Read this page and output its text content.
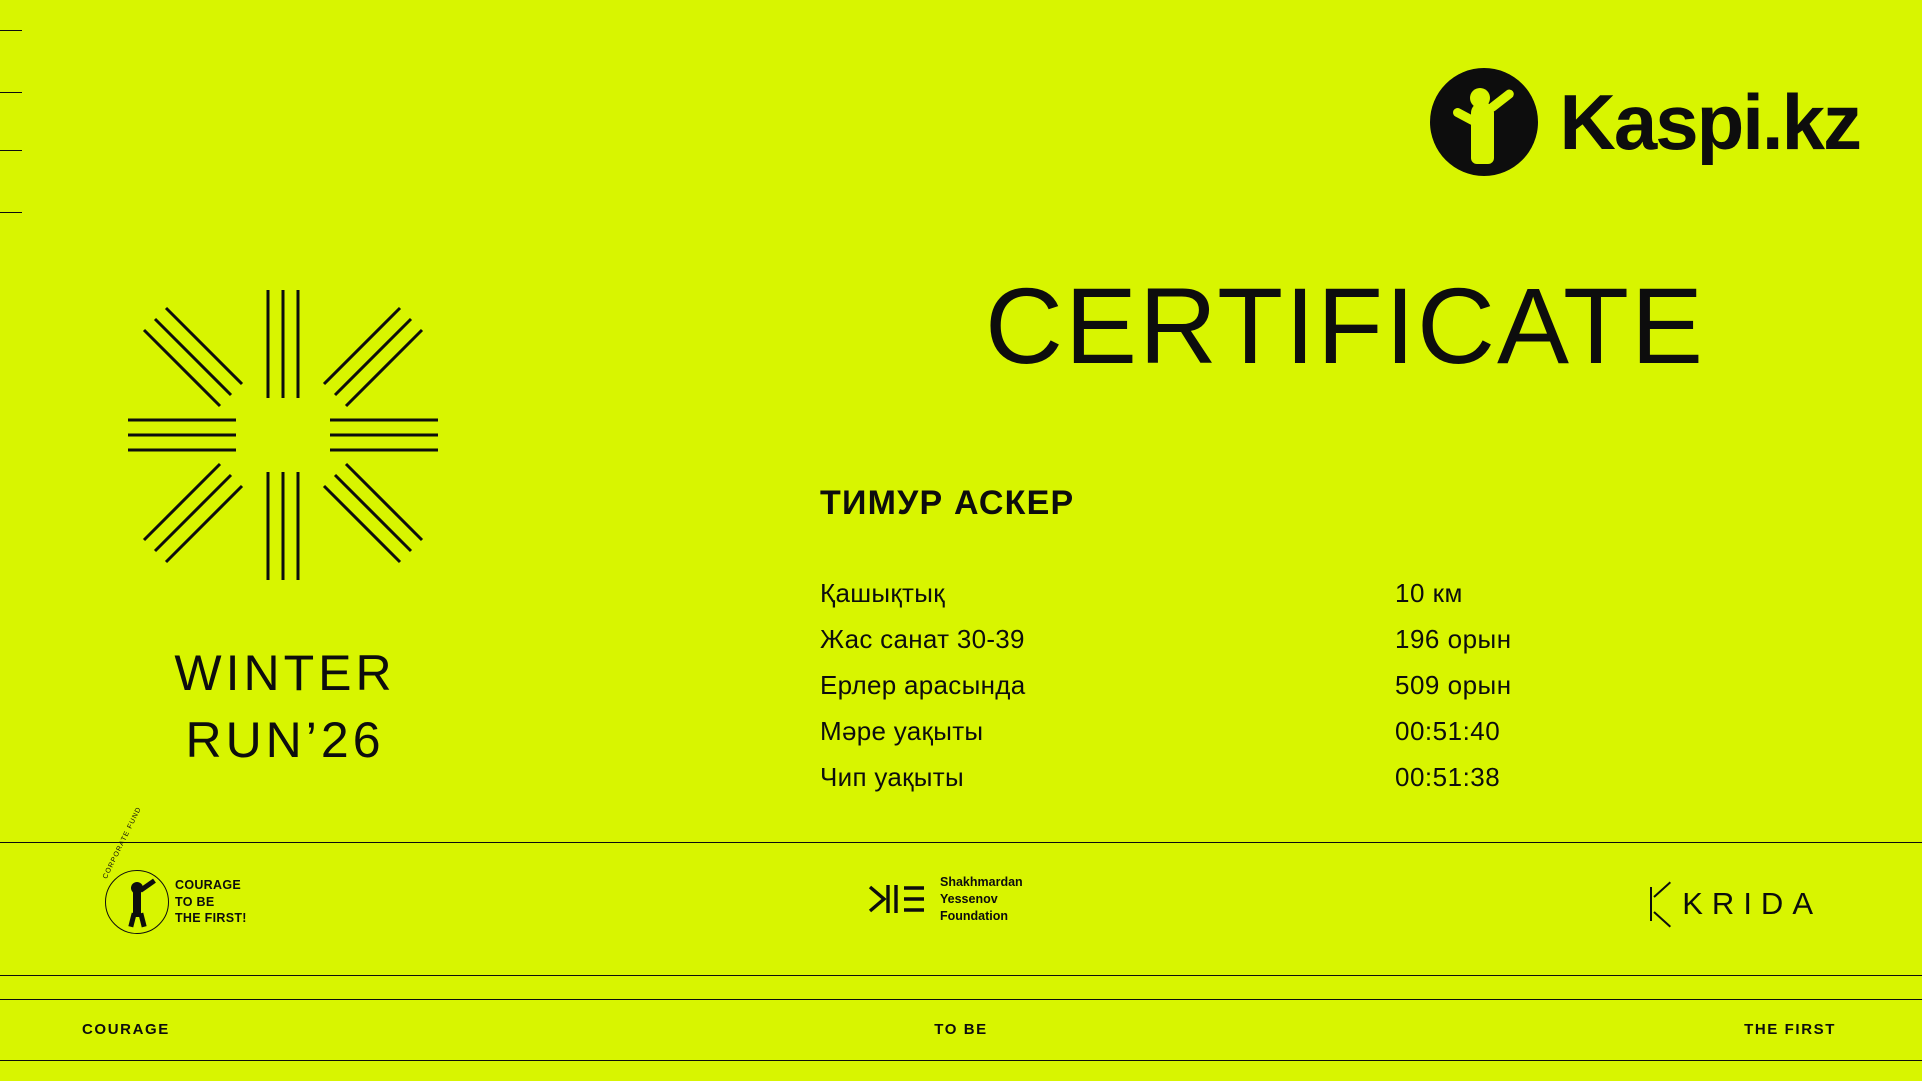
Kaspi.kz
CERTIFICATE
ТИМУР АСКЕР
Қашықтық	10 км
Жас санат 30-39	196 орын
Ерлер арасында	509 орын
Мәре уақыты	00:51:40
Чип уақыты	00:51:38
WINTER
RUN’26
CORPORATE FUND
COURAGE
TO BE
THE FIRST!
Shakhmardan
Yessenov
Foundation	KRIDA
COURAGE	TO BE	THE FIRST
